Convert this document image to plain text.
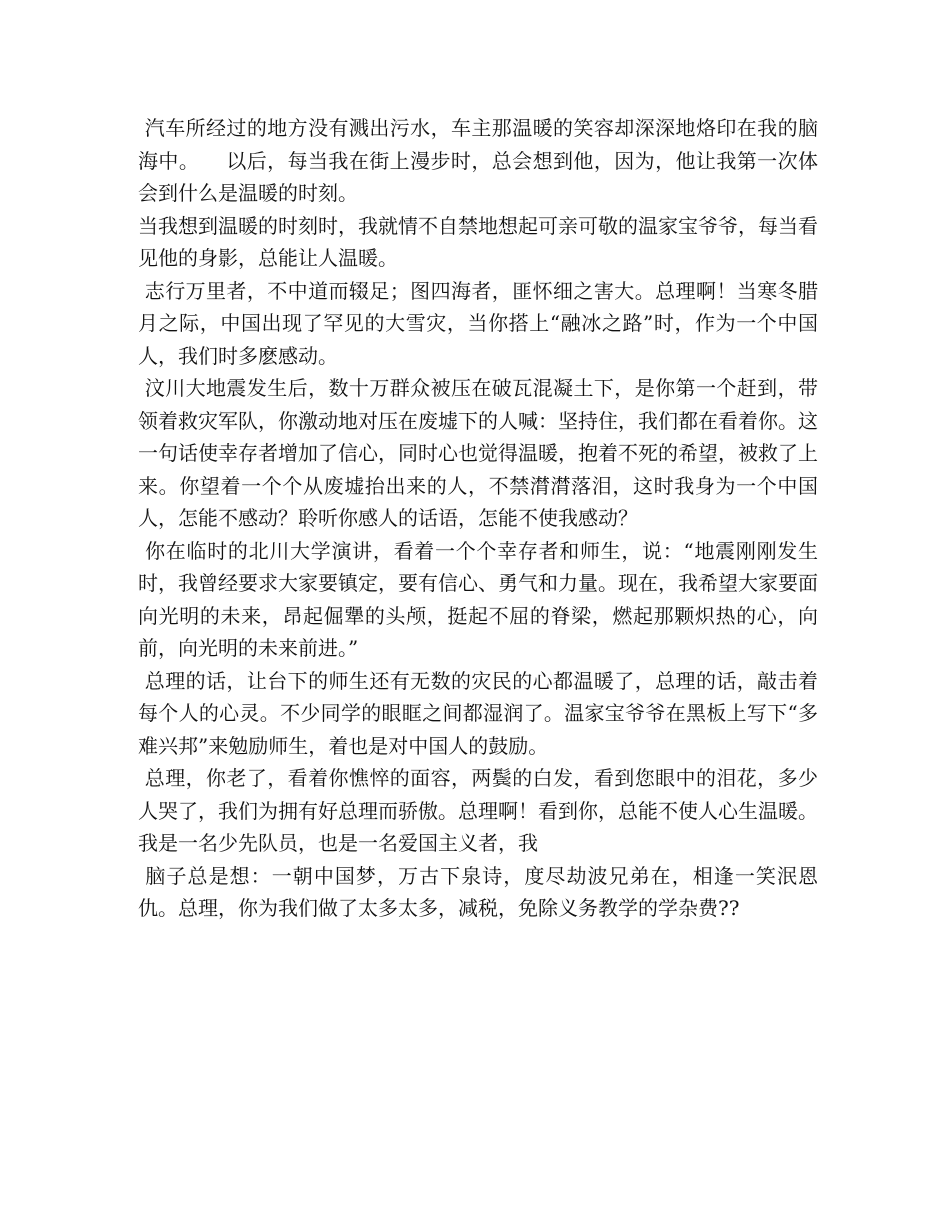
汽车所经过的地方没有溅出污水，车主那温暖的笑容却深深地烙印在我的脑海中。    以后，每当我在街上漫步时，总会想到他，因为，他让我第一次体会到什么是温暖的时刻。

当我想到温暖的时刻时，我就情不自禁地想起可亲可敬的温家宝爷爷，每当看见他的身影，总能让人温暖。

志行万里者，不中道而辍足；图四海者，匪怀细之害大。总理啊！当寒冬腊月之际，中国出现了罕见的大雪灾，当你搭上“融冰之路”时，作为一个中国人，我们时多麽感动。

汶川大地震发生后，数十万群众被压在破瓦混凝土下，是你第一个赶到，带领着救灾军队，你激动地对压在废墟下的人喊：坚持住，我们都在看着你。这一句话使幸存者增加了信心，同时心也觉得温暖，抱着不死的希望，被救了上来。你望着一个个从废墟抬出来的人，不禁潸潸落泪，这时我身为一个中国人，怎能不感动？聆听你感人的话语，怎能不使我感动？

你在临时的北川大学演讲，看着一个个幸存者和师生，说：“地震刚刚发生时，我曾经要求大家要镇定，要有信心、勇气和力量。现在，我希望大家要面向光明的未来，昂起倔犟的头颅，挺起不屈的脊梁，燃起那颗炽热的心，向前，向光明的未来前进。”

总理的话，让台下的师生还有无数的灾民的心都温暖了，总理的话，敲击着每个人的心灵。不少同学的眼眶之间都湿润了。温家宝爷爷在黑板上写下“多难兴邦”来勉励师生，着也是对中国人的鼓励。

总理，你老了，看着你憔悴的面容，两鬓的白发，看到您眼中的泪花，多少人哭了，我们为拥有好总理而骄傲。总理啊！看到你，总能不使人心生温暖。我是一名少先队员，也是一名爱国主义者，我

脑子总是想：一朝中国梦，万古下泉诗，度尽劫波兄弟在，相逢一笑泯恩仇。总理，你为我们做了太多太多，减税，免除义务教学的学杂费??
